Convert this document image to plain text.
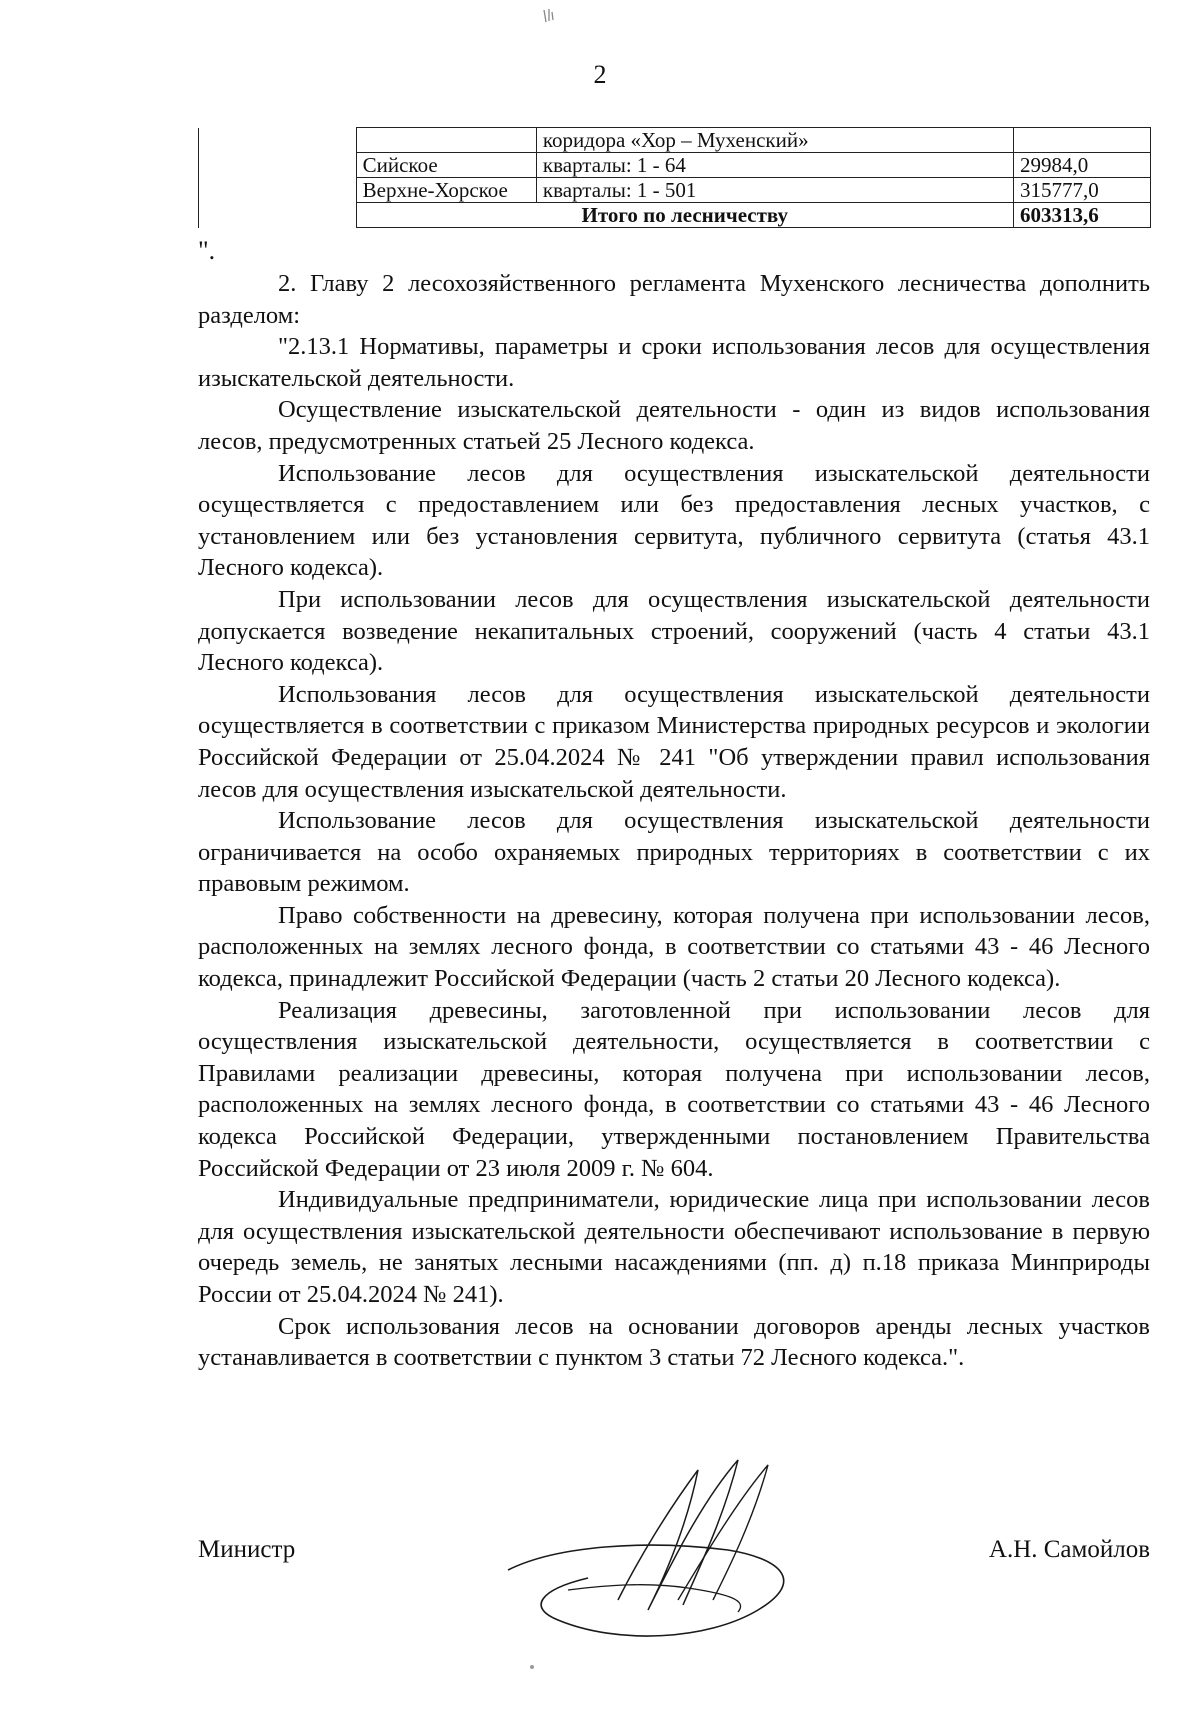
2
		коридора «Хор – Мухенский»	
	Сийское	кварталы: 1 - 64	29984,0
	Верхне-Хорское	кварталы: 1 - 501	315777,0
	Итого по лесничеству		603313,6
".

2. Главу 2 лесохозяйственного регламента Мухенского лесничества дополнить разделом:

"2.13.1 Нормативы, параметры и сроки использования лесов для осуществления изыскательской деятельности.

Осуществление изыскательской деятельности - один из видов использования лесов, предусмотренных статьей 25 Лесного кодекса.

Использование лесов для осуществления изыскательской деятельности осуществляется с предоставлением или без предоставления лесных участков, с установлением или без установления сервитута, публичного сервитута (статья 43.1 Лесного кодекса).

При использовании лесов для осуществления изыскательской деятельности допускается возведение некапитальных строений, сооружений (часть 4 статьи 43.1 Лесного кодекса).

Использования лесов для осуществления изыскательской деятельности осуществляется в соответствии с приказом Министерства природных ресурсов и экологии Российской Федерации от 25.04.2024 № 241 "Об утверждении правил использования лесов для осуществления изыскательской деятельности.

Использование лесов для осуществления изыскательской деятельности ограничивается на особо охраняемых природных территориях в соответствии с их правовым режимом.

Право собственности на древесину, которая получена при использовании лесов, расположенных на землях лесного фонда, в соответствии со статьями 43 - 46 Лесного кодекса, принадлежит Российской Федерации (часть 2 статьи 20 Лесного кодекса).

Реализация древесины, заготовленной при использовании лесов для осуществления изыскательской деятельности, осуществляется в соответствии с Правилами реализации древесины, которая получена при использовании лесов, расположенных на землях лесного фонда, в соответствии со статьями 43 - 46 Лесного кодекса Российской Федерации, утвержденными постановлением Правительства Российской Федерации от 23 июля 2009 г. № 604.

Индивидуальные предприниматели, юридические лица при использовании лесов для осуществления изыскательской деятельности обеспечивают использование в первую очередь земель, не занятых лесными насаждениями (пп. д) п.18 приказа Минприроды России от 25.04.2024 № 241).

Срок использования лесов на основании договоров аренды лесных участков устанавливается в соответствии с пунктом 3 статьи 72 Лесного кодекса.".

Министр	А.Н. Самойлов
